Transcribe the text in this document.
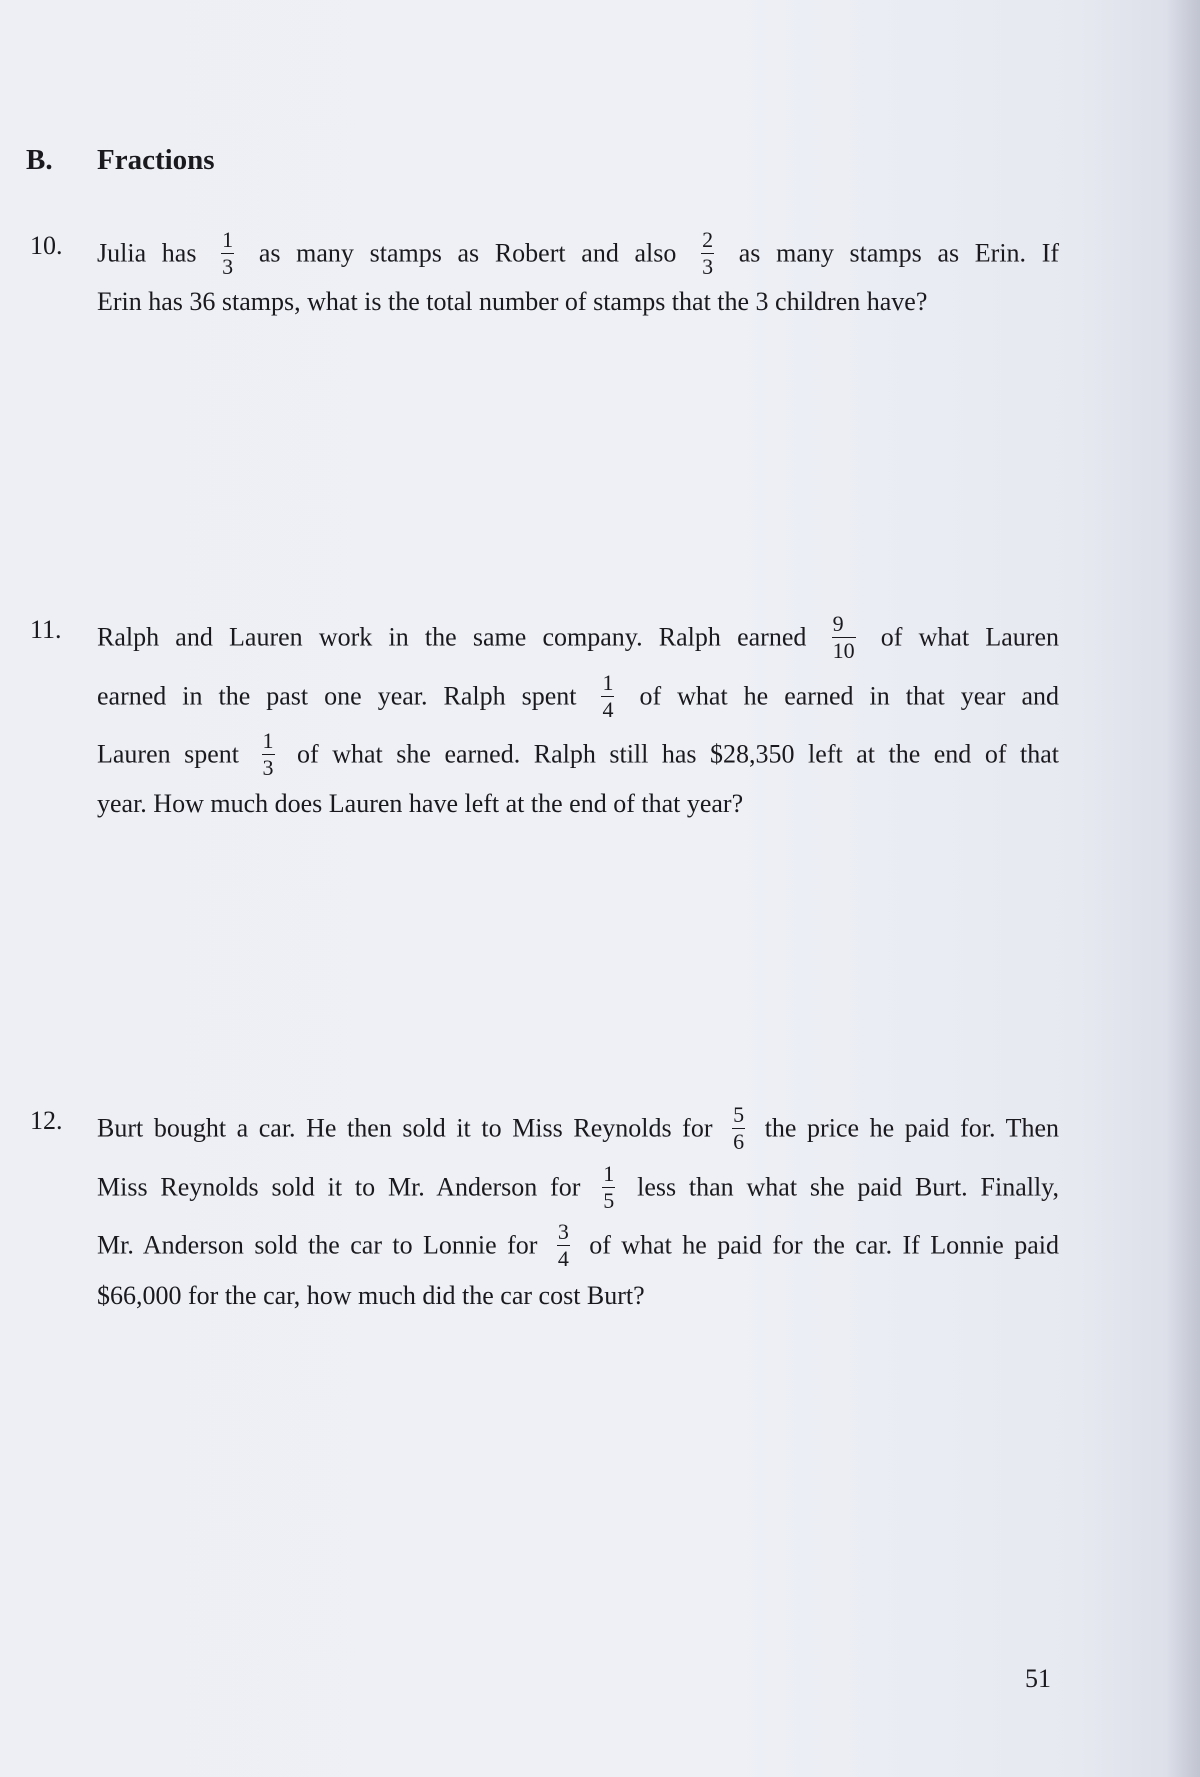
B. Fractions
10. Julia has $\frac{1}{3}$ as many stamps as Robert and also $\frac{2}{3}$ as many stamps as Erin. If
Erin has 36 stamps, what is the total number of stamps that the 3 children have?
11. Ralph and Lauren work in the same company. Ralph earned $\frac{9}{10}$ of what Lauren
earned in the past one year. Ralph spent $\frac{1}{4}$ of what he earned in that year and
Lauren spent $\frac{1}{3}$ of what she earned. Ralph still has $28,350 left at the end of that
year. How much does Lauren have left at the end of that year?
12. Burt bought a car. He then sold it to Miss Reynolds for $\frac{5}{6}$ the price he paid for. Then
Miss Reynolds sold it to Mr. Anderson for $\frac{1}{5}$ less than what she paid Burt. Finally,
Mr. Anderson sold the car to Lonnie for $\frac{3}{4}$ of what he paid for the car. If Lonnie paid
$66,000 for the car, how much did the car cost Burt?
51
